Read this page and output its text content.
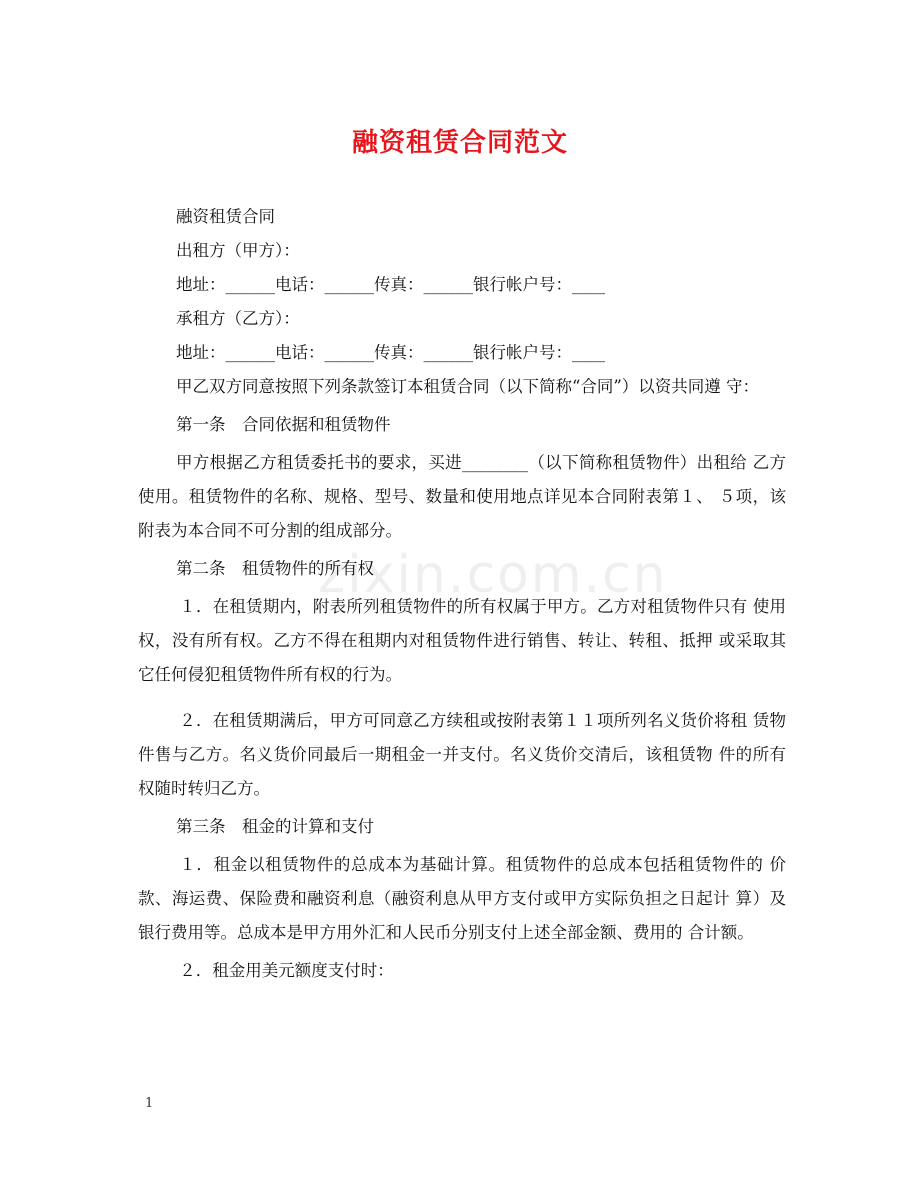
zixin.com.cn
融资租赁合同范文

融资租赁合同

出租方（甲方）：

地址：______电话：______传真：______银行帐户号：____

承租方（乙方）：

地址：______电话：______传真：______银行帐户号：____

甲乙双方同意按照下列条款签订本租赁合同（以下简称“合同”）以资共同遵 守：

第一条　合同依据和租赁物件

甲方根据乙方租赁委托书的要求，买进________（以下简称租赁物件）出租给 乙方使用。租赁物件的名称、规格、型号、数量和使用地点详见本合同附表第１、 ５项，该附表为本合同不可分割的组成部分。

第二条　租赁物件的所有权

１．在租赁期内，附表所列租赁物件的所有权属于甲方。乙方对租赁物件只有 使用权，没有所有权。乙方不得在租期内对租赁物件进行销售、转让、转租、抵押 或采取其它任何侵犯租赁物件所有权的行为。

２．在租赁期满后，甲方可同意乙方续租或按附表第１１项所列名义货价将租 赁物件售与乙方。名义货价同最后一期租金一并支付。名义货价交清后，该租赁物 件的所有权随时转归乙方。

第三条　租金的计算和支付

１．租金以租赁物件的总成本为基础计算。租赁物件的总成本包括租赁物件的 价款、海运费、保险费和融资利息（融资利息从甲方支付或甲方实际负担之日起计 算）及银行费用等。总成本是甲方用外汇和人民币分别支付上述全部金额、费用的 合计额。

２．租金用美元额度支付时：

1
